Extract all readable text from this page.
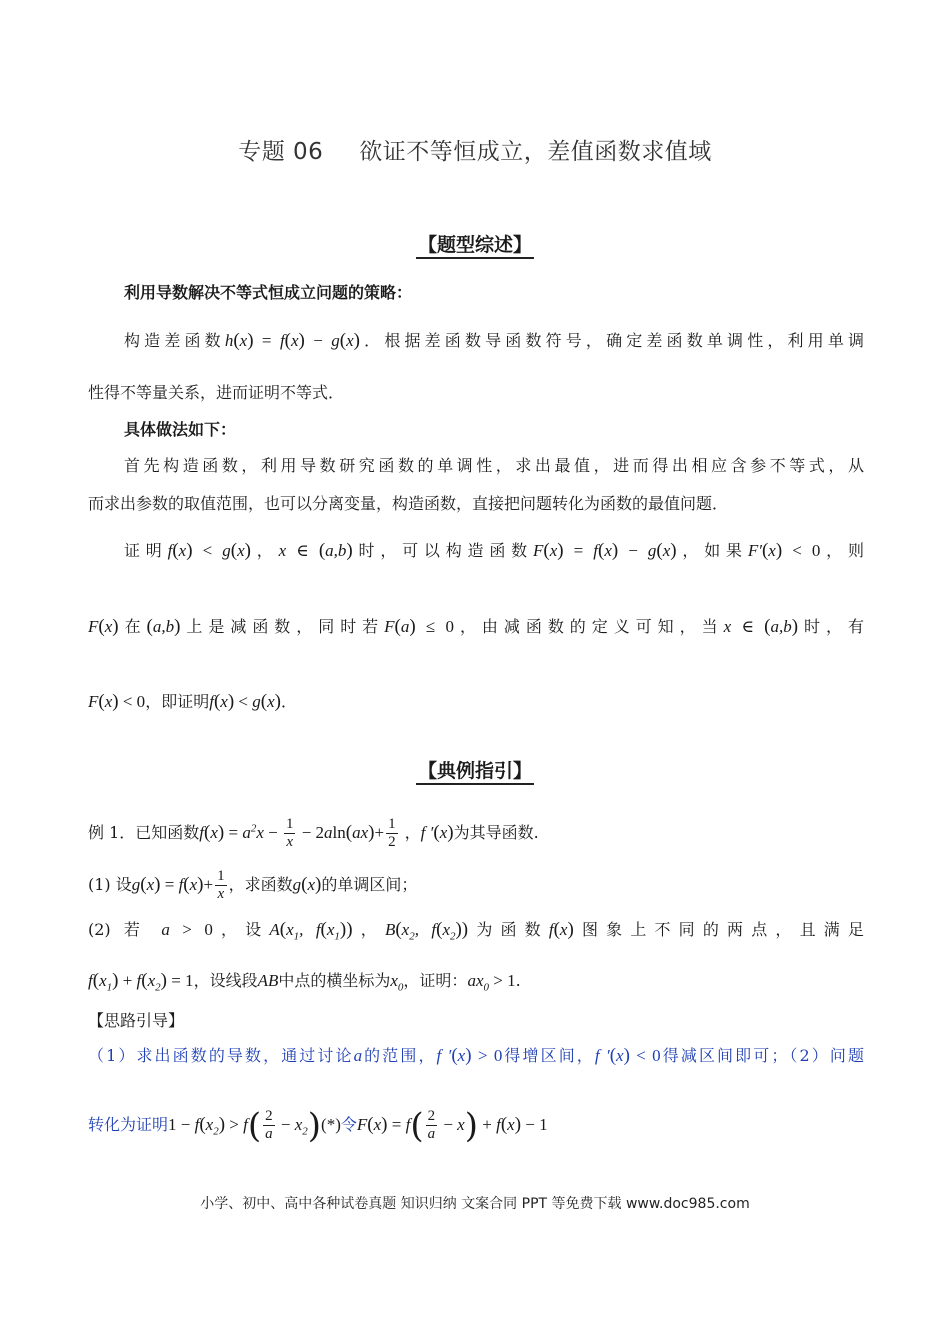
专题 06 欲证不等恒成立，差值函数求值域
【题型综述】
利用导数解决不等式恒成立问题的策略：
构造差函数h(x) = f(x) − g(x)．根据差函数导函数符号，确定差函数单调性，利用单调
性得不等量关系，进而证明不等式．
具体做法如下：
首先构造函数，利用导数研究函数的单调性，求出最值，进而得出相应含参不等式，从
而求出参数的取值范围，也可以分离变量，构造函数，直接把问题转化为函数的最值问题．
证明f(x) < g(x)，x ∈ (a,b)时，可以构造函数F(x) = f(x) − g(x)，如果F′(x) < 0，则
F(x)在(a,b)上是减函数，同时若F(a) ≤ 0，由减函数的定义可知，当x ∈ (a,b)时，有
F(x) < 0，即证明f(x) < g(x)．
【典例指引】
例 1．已知函数$f(x) = a^2x - \frac{1}{x} - 2aln(ax)+ \frac{1}{2}$ ，f ′(x)为其导函数.
(1) 设$g(x) = f(x)+ \frac{1}{x}$ ，求函数g(x)的单调区间；
(2) 若 a > 0，设$A(x_1$, $f(x_1)$)，$B(x_2$, $f(x_2)$)为函数f(x)图象上不同的两点，且满足
$f(x_1) + f(x_2) = 1$，设线段AB中点的横坐标为$x_0$，证明：$ax_0 > 1$.
【思路引导】
（1）求出函数的导数，通过讨论a的范围，f ′(x) > 0得增区间，f ′(x) < 0得减区间即可；（2）问题
转化为证明$1 - f(x_2) > f( \frac{2}{a} - x_2)(*)$令$F(x) = f( \frac{2}{a} - x) + f(x) - 1$
小学、初中、高中各种试卷真题 知识归纳 文案合同 PPT 等免费下载 www.doc985.com
